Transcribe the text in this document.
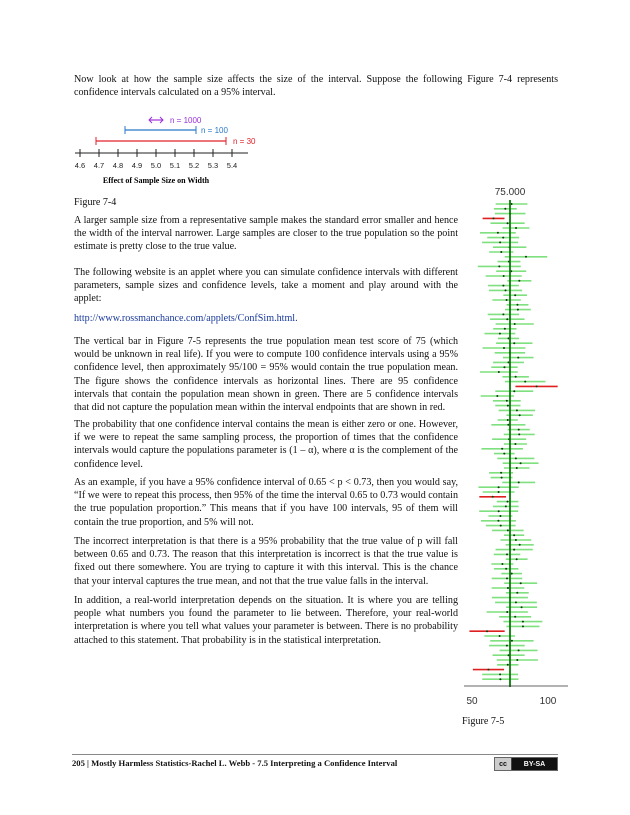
Now look at how the sample size affects the size of the interval. Suppose the following Figure 7-4 represents confidence intervals calculated on a 95% interval.

n = 1000
n = 100
n = 30
4.6 4.7 4.8 4.9 5.0 5.1 5.2 5.3 5.4
Effect of Sample Size on Width
Figure 7-4

A larger sample size from a representative sample makes the standard error smaller and hence the width of the interval narrower. Large samples are closer to the true population so the point estimate is pretty close to the true value.

The following website is an applet where you can simulate confidence intervals with different parameters, sample sizes and confidence levels, take a moment and play around with the applet:

http://www.rossmanchance.com/applets/ConfSim.html.

The vertical bar in Figure 7-5 represents the true population mean test score of 75 (which would be unknown in real life). If you were to compute 100 confidence intervals using a 95% confidence level, then approximately 95/100 = 95% would contain the true population mean. The figure shows the confidence intervals as horizontal lines. There are 95 confidence intervals that contain the population mean shown in green. There are 5 confidence intervals that did not capture the population mean within the interval endpoints that are shown in red.

The probability that one confidence interval contains the mean is either zero or one. However, if we were to repeat the same sampling process, the proportion of times that the confidence intervals would capture the populations parameter is (1 – α), where α is the complement of the confidence level.

As an example, if you have a 95% confidence interval of 0.65 < p < 0.73, then you would say, “If we were to repeat this process, then 95% of the time the interval 0.65 to 0.73 would contain the true population proportion.” This means that if you have 100 intervals, 95 of them will contain the true proportion, and 5% will not.

The incorrect interpretation is that there is a 95% probability that the true value of p will fall between 0.65 and 0.73. The reason that this interpretation is incorrect is that the true value is fixed out there somewhere. You are trying to capture it with this interval. This is the chance that your interval captures the true mean, and not that the true value falls in the interval.

In addition, a real-world interpretation depends on the situation. It is where you are telling people what numbers you found the parameter to lie between. Therefore, your real-world interpretation is where you tell what values your parameter is between. There is no probability attached to this statement. That probability is in the statistical interpretation.

75.000
50	100
Figure 7-5
205 | Mostly Harmless Statistics-Rachel L. Webb - 7.5 Interpreting a Confidence Interval	cc	BY-SA
